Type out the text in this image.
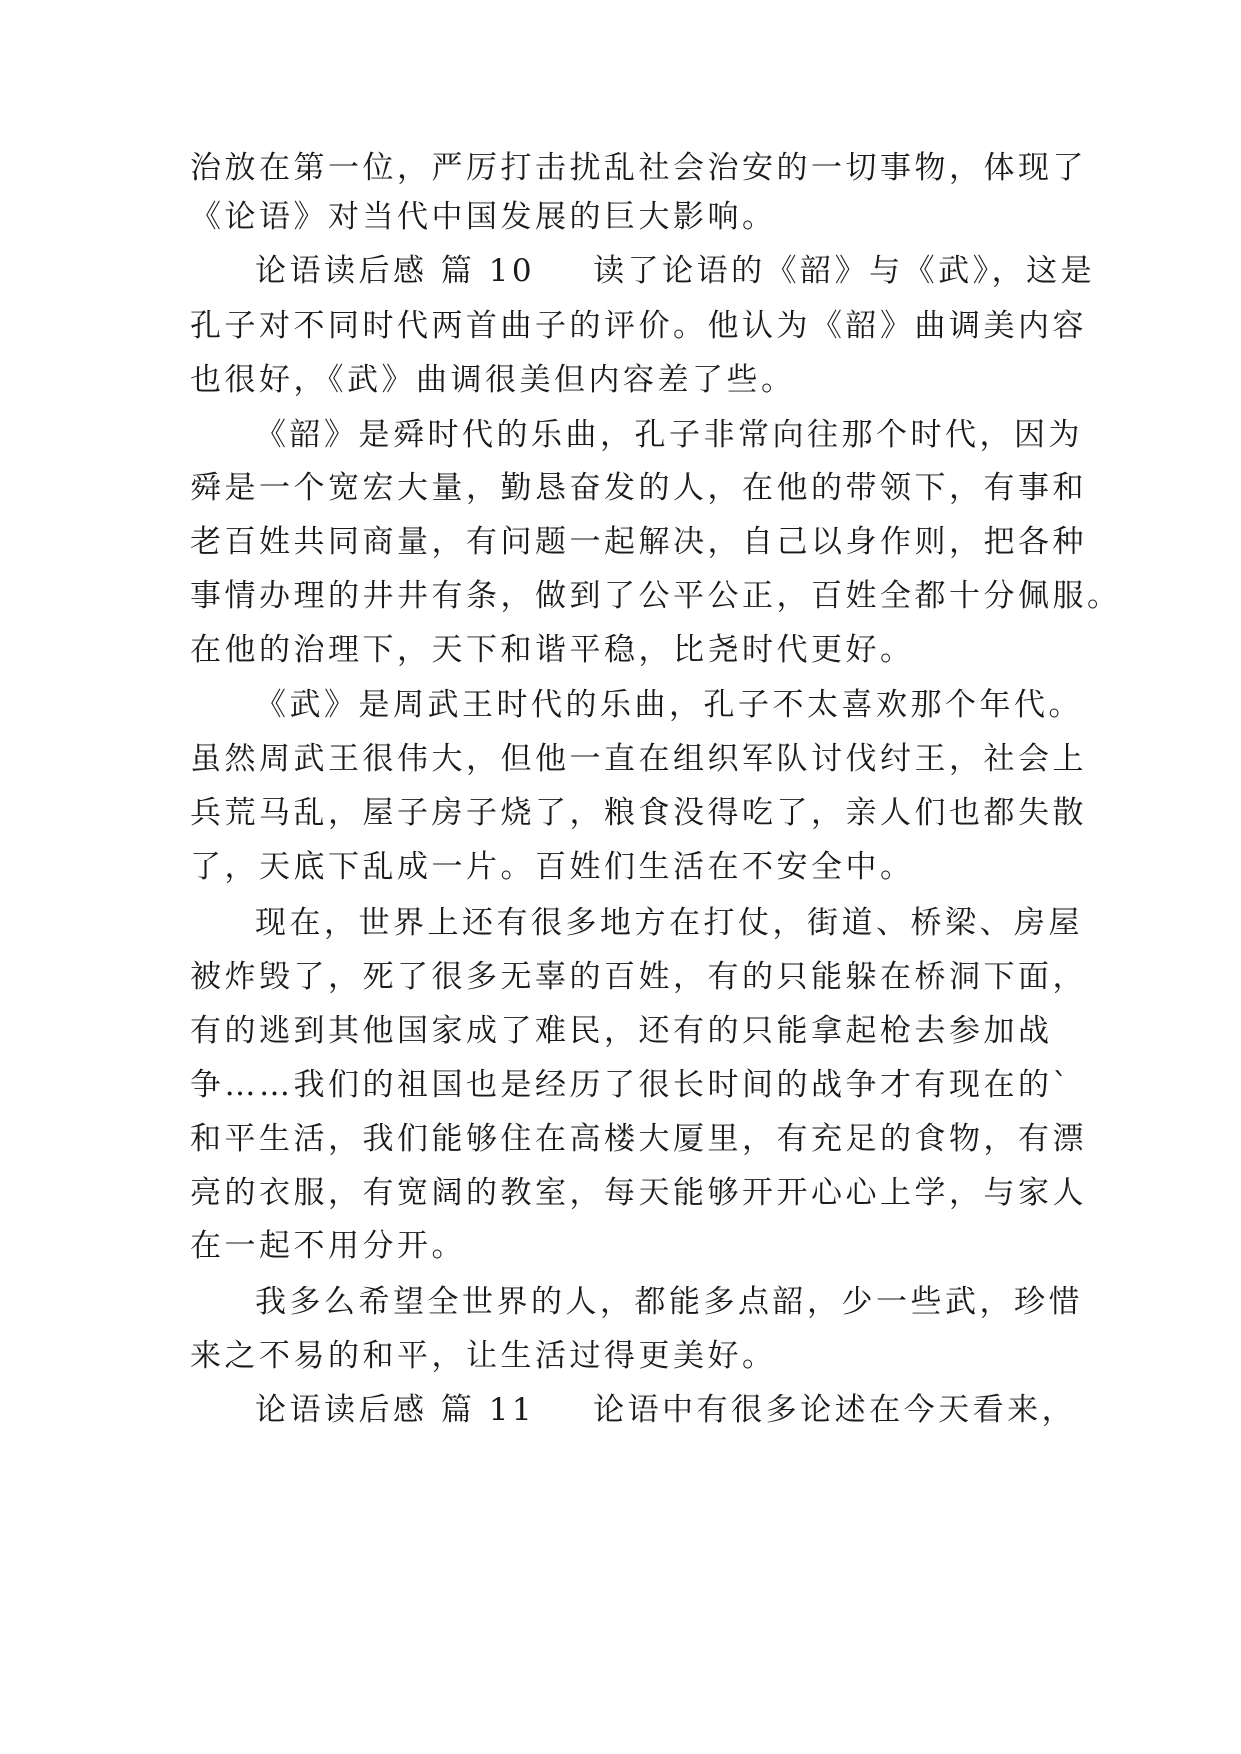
治放在第一位，严厉打击扰乱社会治安的一切事物，体现了
《论语》对当代中国发展的巨大影响。
论语读后感 篇 10 读了论语的《韶》与《武》，这是
孔子对不同时代两首曲子的评价。他认为《韶》曲调美内容
也很好，《武》曲调很美但内容差了些。
《韶》是舜时代的乐曲，孔子非常向往那个时代，因为
舜是一个宽宏大量，勤恳奋发的人，在他的带领下，有事和
老百姓共同商量，有问题一起解决，自己以身作则，把各种
事情办理的井井有条，做到了公平公正，百姓全都十分佩服。
在他的治理下，天下和谐平稳，比尧时代更好。
《武》是周武王时代的乐曲，孔子不太喜欢那个年代。
虽然周武王很伟大，但他一直在组织军队讨伐纣王，社会上
兵荒马乱，屋子房子烧了，粮食没得吃了，亲人们也都失散
了，天底下乱成一片。百姓们生活在不安全中。
现在，世界上还有很多地方在打仗，街道、桥梁、房屋
被炸毁了，死了很多无辜的百姓，有的只能躲在桥洞下面，
有的逃到其他国家成了难民，还有的只能拿起枪去参加战
争……我们的祖国也是经历了很长时间的战争才有现在的`
和平生活，我们能够住在高楼大厦里，有充足的食物，有漂
亮的衣服，有宽阔的教室，每天能够开开心心上学，与家人
在一起不用分开。
我多么希望全世界的人，都能多点韶，少一些武，珍惜
来之不易的和平，让生活过得更美好。
论语读后感 篇 11 论语中有很多论述在今天看来，
